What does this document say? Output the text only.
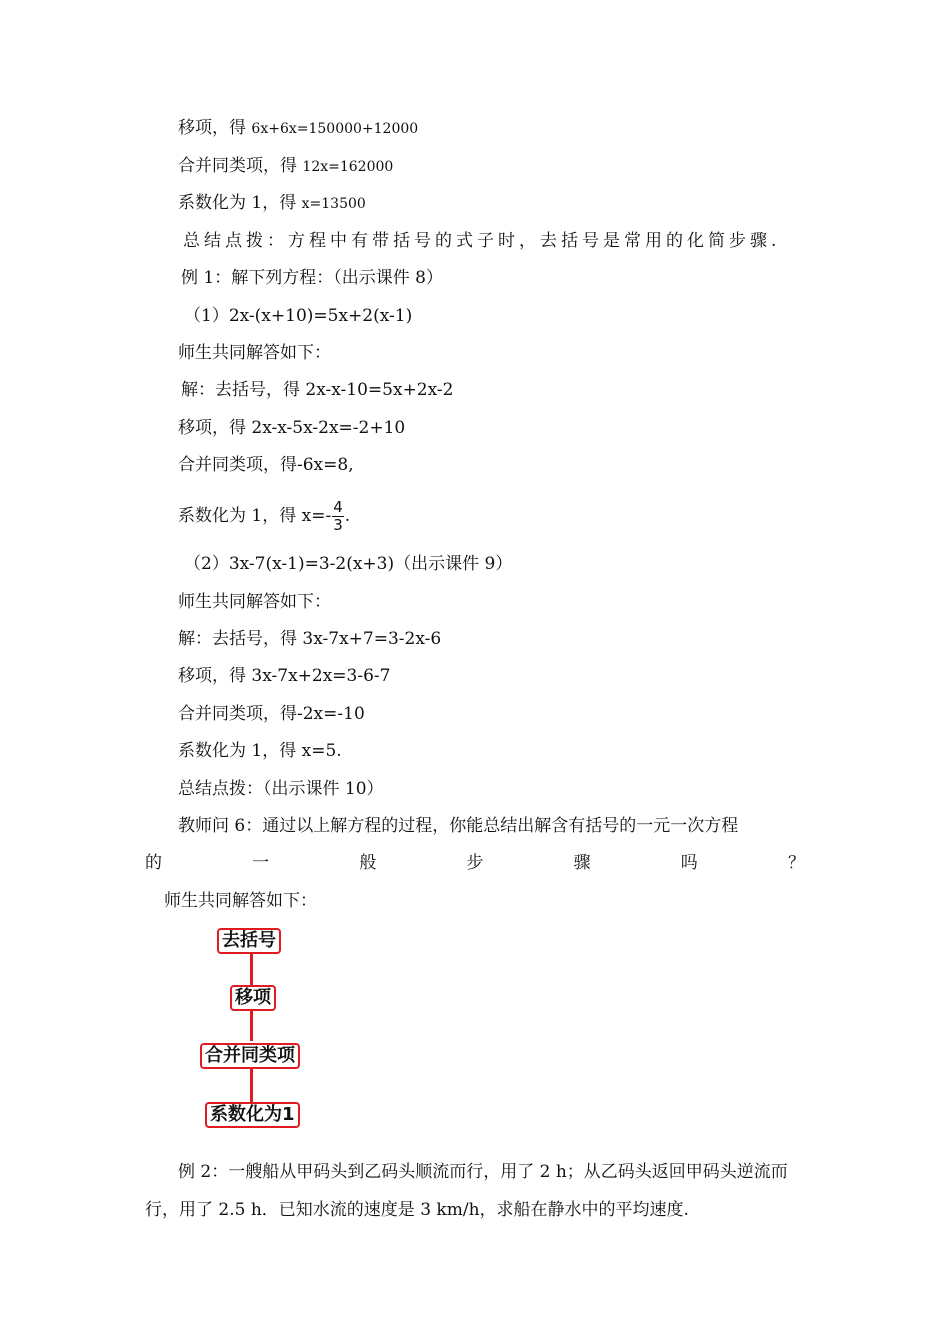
移项，得 6x+6x=150000+12000
合并同类项，得 12x=162000
系数化为 1，得 x=13500
总结点拨：方程中有带括号的式子时，去括号是常用的化简步骤.
例 1：解下列方程：（出示课件 8）
（1）2x-(x+10)=5x+2(x-1)
师生共同解答如下：
解：去括号，得 2x-x-10=5x+2x-2
移项，得 2x-x-5x-2x=-2+10
合并同类项，得-6x=8,
系数化为 1，得 $x=- \frac{4}{3}$ .
（2）3x-7(x-1)=3-2(x+3)（出示课件 9）
师生共同解答如下：
解：去括号，得 3x-7x+7=3-2x-6
移项，得 3x-7x+2x=3-6-7
合并同类项，得-2x=-10
系数化为 1，得 x=5.
总结点拨：（出示课件 10）
教师问 6：通过以上解方程的过程，你能总结出解含有括号的一元一次方程
的	一	般	步	骤	吗	？
师生共同解答如下：
去括号
移项
合并同类项
系数化为1
例 2：一艘船从甲码头到乙码头顺流而行，用了 2 h；从乙码头返回甲码头逆流而行，用了 2.5 h．已知水流的速度是 3 km/h，求船在静水中的平均速度.
